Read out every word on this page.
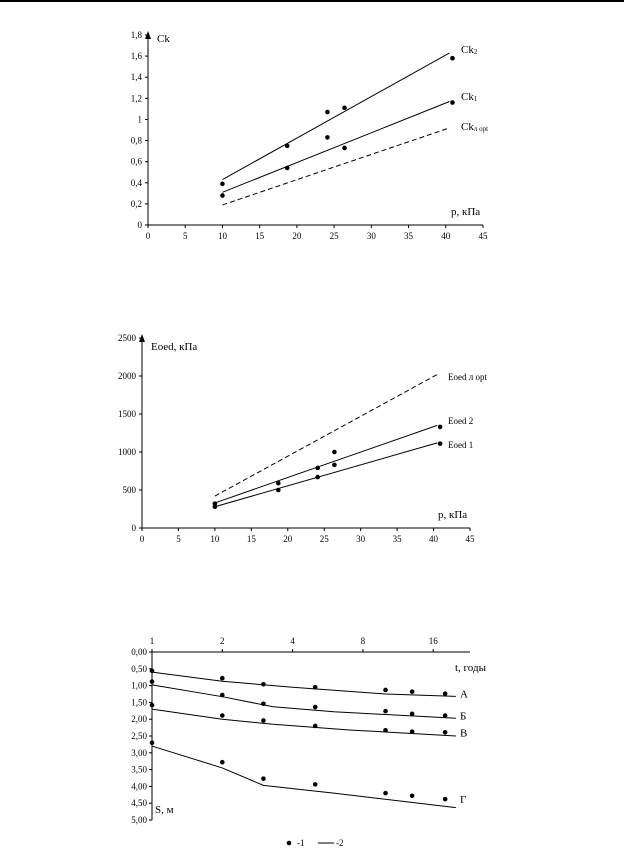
0	5	10	15	20	25	30	35	40	45
0
0,2
0,4
0,6
0,8
1
1,2
1,4
1,6
1,8 Ck
p, кПа
Ck2
Ck1
Ckл opt
0	5	10	15	20	25	30	35	40	45
0
500
1000
1500
2000
2500
Eoed, кПа
p, кПа
Eoed л opt
Eoed 2
Eoed 1
1	2	4	8	16
0,00
0,50
1,00
1,50
2,00
2,50
3,00
3,50
4,00
4,50
5,00
t, годы
S, м
А
Б
В
Г
-1	-2
